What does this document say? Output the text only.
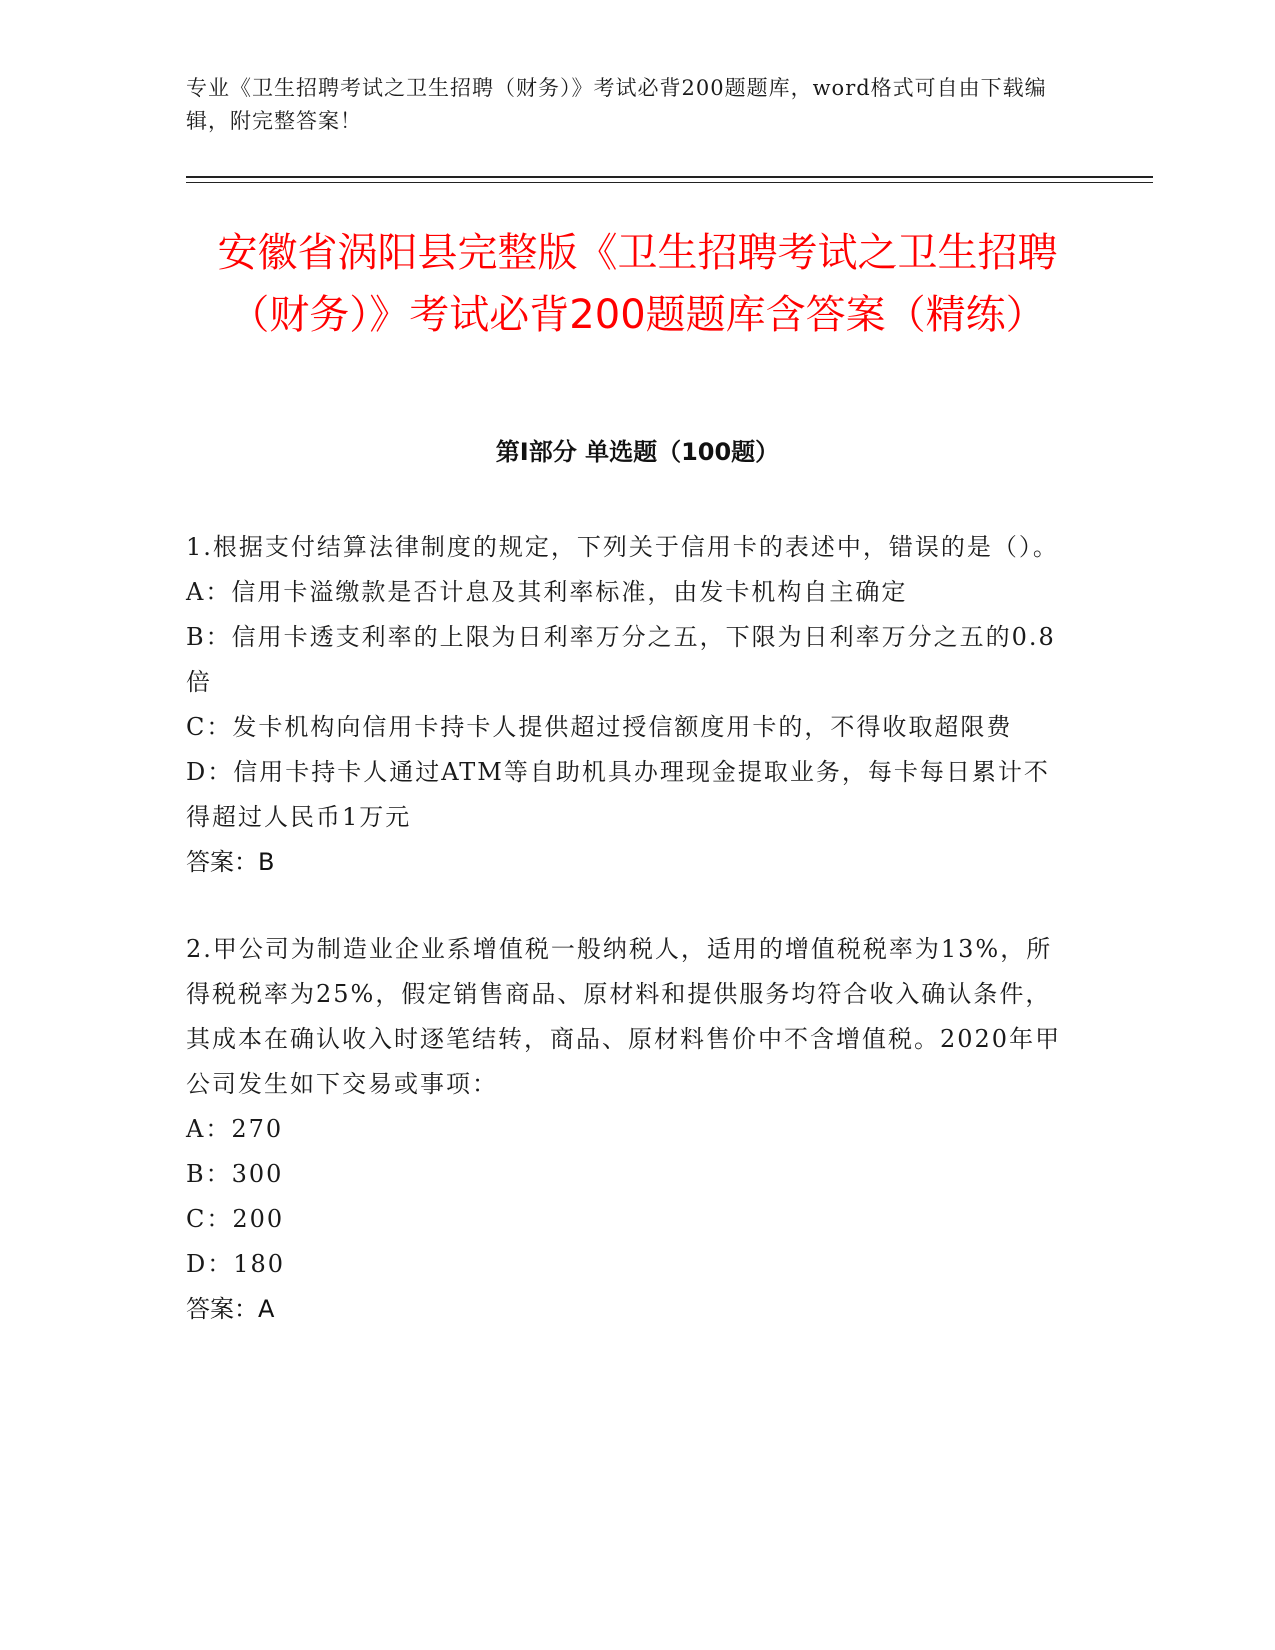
专业《卫生招聘考试之卫生招聘（财务）》考试必背200题题库，word格式可自由下载编辑，附完整答案！
安徽省涡阳县完整版《卫生招聘考试之卫生招聘（财务）》考试必背200题题库含答案（精练）
第I部分 单选题（100题）

1.根据支付结算法律制度的规定，下列关于信用卡的表述中，错误的是（）。

A：信用卡溢缴款是否计息及其利率标准，由发卡机构自主确定

B：信用卡透支利率的上限为日利率万分之五，下限为日利率万分之五的0.8倍

C：发卡机构向信用卡持卡人提供超过授信额度用卡的，不得收取超限费

D：信用卡持卡人通过ATM等自助机具办理现金提取业务，每卡每日累计不得超过人民币1万元

答案：B

2.甲公司为制造业企业系增值税一般纳税人，适用的增值税税率为13%，所得税税率为25%，假定销售商品、原材料和提供服务均符合收入确认条件，其成本在确认收入时逐笔结转，商品、原材料售价中不含增值税。2020年甲公司发生如下交易或事项：

A：270

B：300

C：200

D：180

答案：A
